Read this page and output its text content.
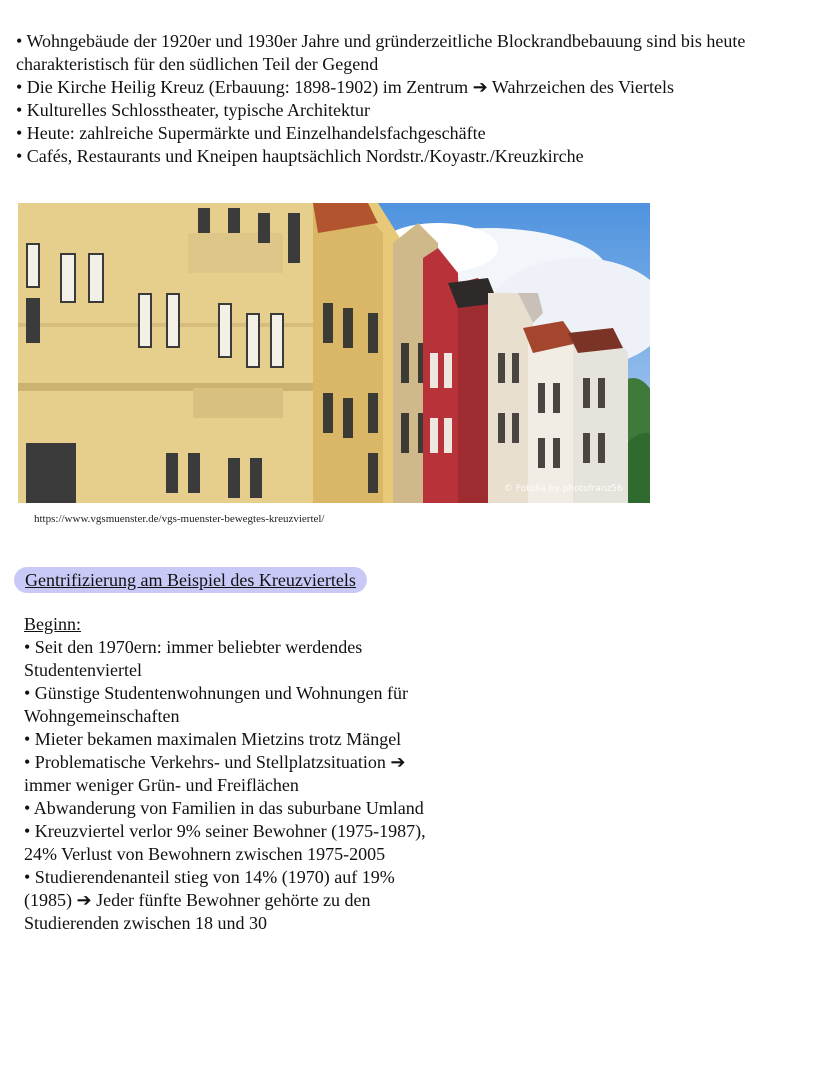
• Wohngebäude der 1920er und 1930er Jahre und gründerzeitliche Blockrandbebauung sind bis heute charakteristisch für den südlichen Teil der Gegend
• Die Kirche Heilig Kreuz (Erbauung: 1898-1902) im Zentrum ➔ Wahrzeichen des Viertels
• Kulturelles Schlosstheater, typische Architektur
• Heute: zahlreiche Supermärkte und Einzelhandelsfachgeschäfte
• Cafés, Restaurants und Kneipen hauptsächlich Nordstr./Koyastr./Kreuzkirche
© Fotolia by photofranz56
https://www.vgsmuenster.de/vgs-muenster-bewegtes-kreuzviertel/
Gentrifizierung am Beispiel des Kreuzviertels
Beginn:
• Seit den 1970ern: immer beliebter werdendes Studentenviertel
• Günstige Studentenwohnungen und Wohnungen für Wohngemeinschaften
• Mieter bekamen maximalen Mietzins trotz Mängel
• Problematische Verkehrs- und Stellplatzsituation ➔ immer weniger Grün- und Freiflächen
• Abwanderung von Familien in das suburbane Umland
• Kreuzviertel verlor 9% seiner Bewohner (1975-1987), 24% Verlust von Bewohnern zwischen 1975-2005
• Studierendenanteil stieg von 14% (1970) auf 19% (1985) ➔ Jeder fünfte Bewohner gehörte zu den Studierenden zwischen 18 und 30
